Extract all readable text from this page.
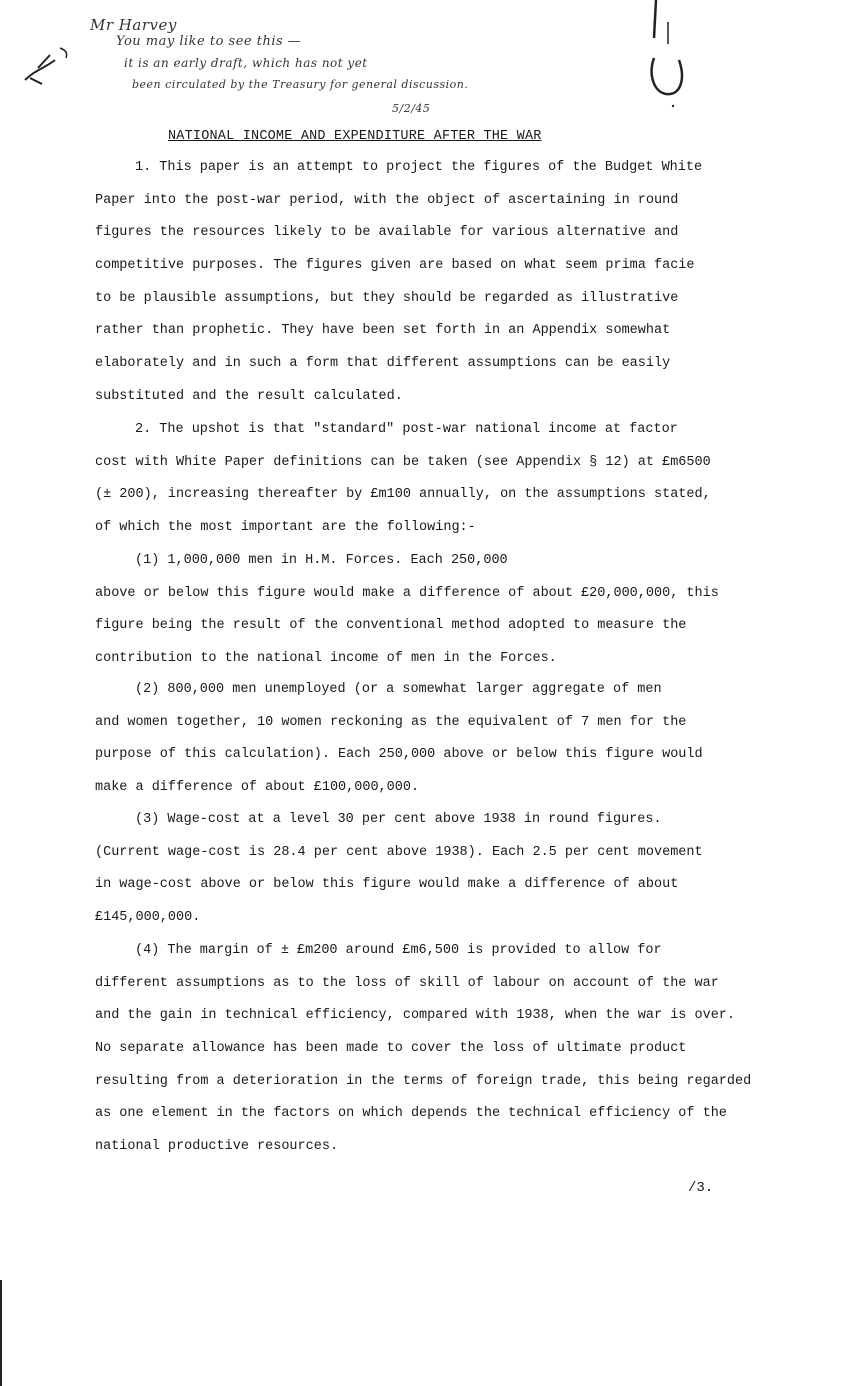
Mr Harvey
You may like to see this —
it is an early draft, which has not yet
been circulated by the Treasury for general discussion.
5/2/45
NATIONAL INCOME AND EXPENDITURE AFTER THE WAR
1. This paper is an attempt to project the figures of the Budget White
Paper into the post-war period, with the object of ascertaining in round
figures the resources likely to be available for various alternative and
competitive purposes. The figures given are based on what seem prima facie
to be plausible assumptions, but they should be regarded as illustrative
rather than prophetic. They have been set forth in an Appendix somewhat
elaborately and in such a form that different assumptions can be easily
substituted and the result calculated.
2. The upshot is that "standard" post-war national income at factor
cost with White Paper definitions can be taken (see Appendix § 12) at £m6500
(± 200), increasing thereafter by £m100 annually, on the assumptions stated,
of which the most important are the following:-
(1) 1,000,000 men in H.M. Forces. Each 250,000
above or below this figure would make a difference of about £20,000,000, this
figure being the result of the conventional method adopted to measure the
contribution to the national income of men in the Forces.
(2) 800,000 men unemployed (or a somewhat larger aggregate of men
and women together, 10 women reckoning as the equivalent of 7 men for the
purpose of this calculation). Each 250,000 above or below this figure would
make a difference of about £100,000,000.
(3) Wage-cost at a level 30 per cent above 1938 in round figures.
(Current wage-cost is 28.4 per cent above 1938). Each 2.5 per cent movement
in wage-cost above or below this figure would make a difference of about
£145,000,000.
(4) The margin of ± £m200 around £m6,500 is provided to allow for
different assumptions as to the loss of skill of labour on account of the war
and the gain in technical efficiency, compared with 1938, when the war is over.
No separate allowance has been made to cover the loss of ultimate product
resulting from a deterioration in the terms of foreign trade, this being regarded
as one element in the factors on which depends the technical efficiency of the
national productive resources.
/3.
